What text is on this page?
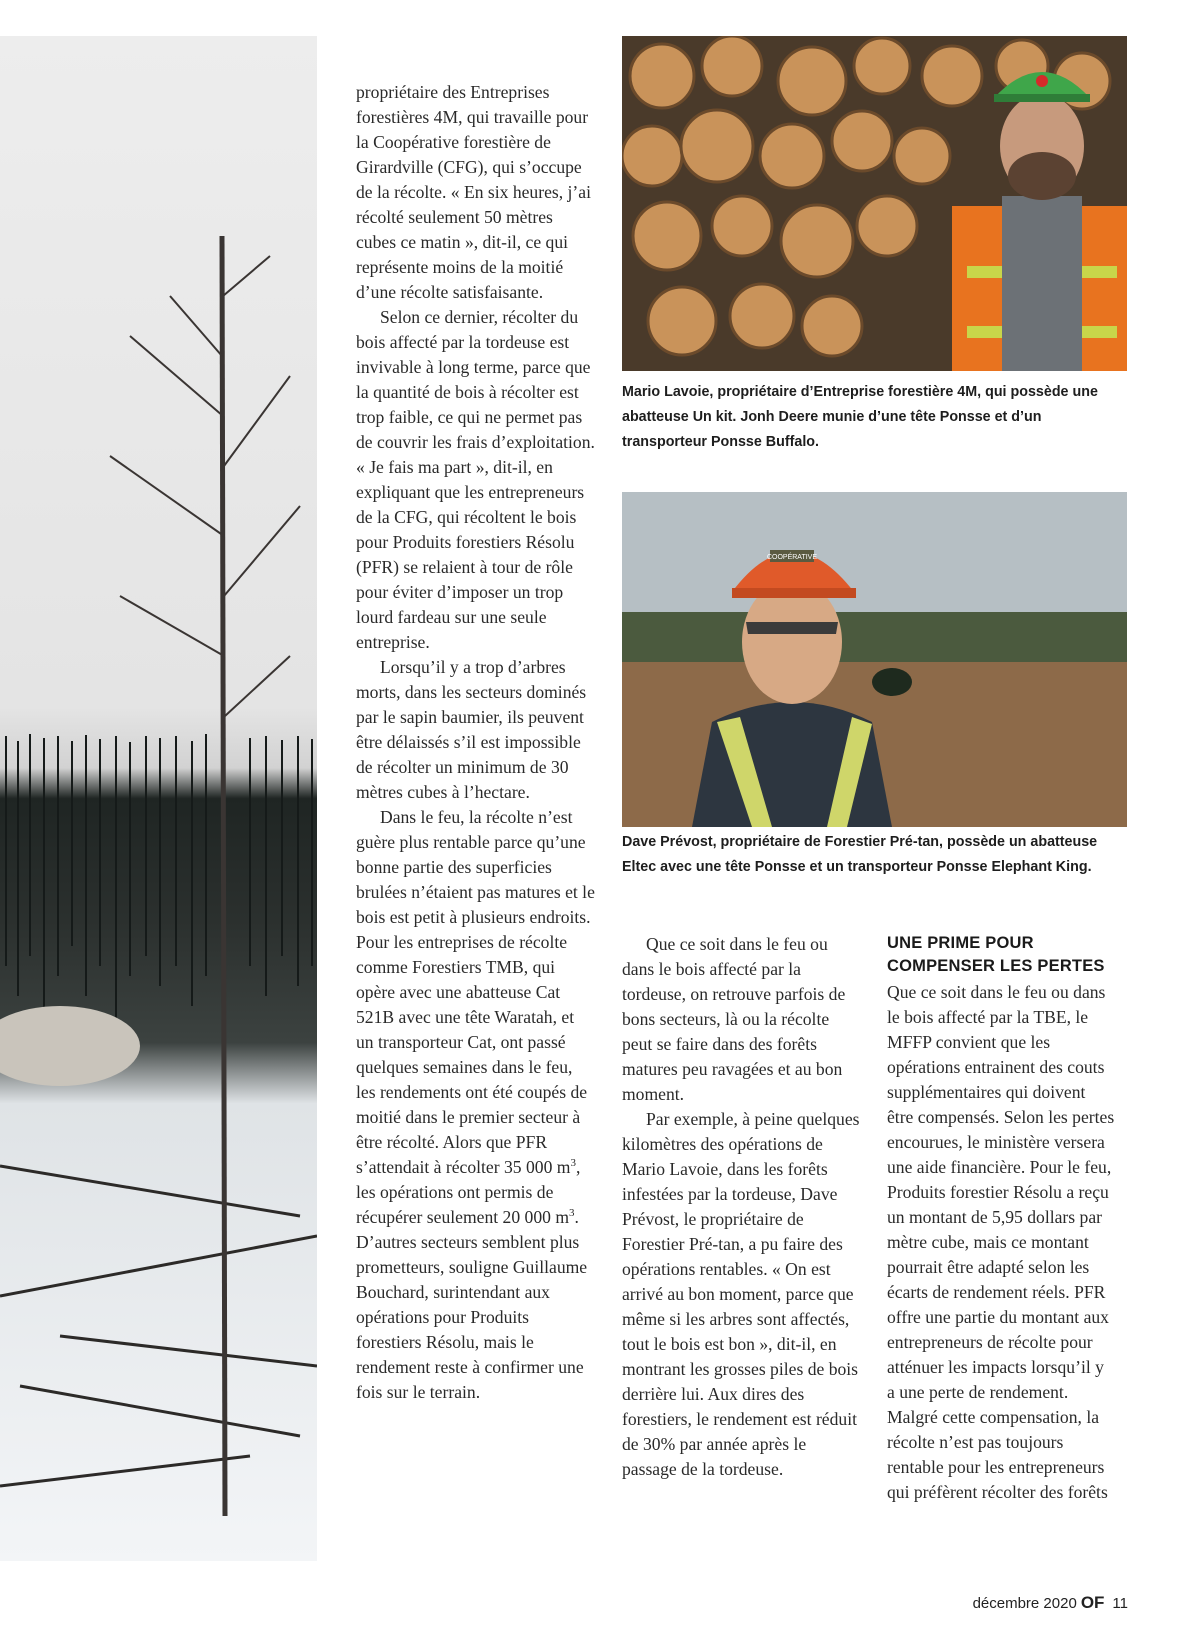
propriétaire des Entreprises forestières 4M, qui travaille pour la Coopérative forestière de Girardville (CFG), qui s’occupe de la récolte. « En six heures, j’ai récolté seulement 50 mètres cubes ce matin », dit-il, ce qui représente moins de la moitié d’une récolte satisfaisante.

Selon ce dernier, récolter du bois affecté par la tordeuse est invivable à long terme, parce que la quantité de bois à récolter est trop faible, ce qui ne permet pas de couvrir les frais d’exploitation. « Je fais ma part », dit-il, en expliquant que les entrepreneurs de la CFG, qui récoltent le bois pour Produits forestiers Résolu (PFR) se relaient à tour de rôle pour éviter d’imposer un trop lourd fardeau sur une seule entreprise.

Lorsqu’il y a trop d’arbres morts, dans les secteurs dominés par le sapin baumier, ils peuvent être délaissés s’il est impossible de récolter un minimum de 30 mètres cubes à l’hectare.

Dans le feu, la récolte n’est guère plus rentable parce qu’une bonne partie des superficies brulées n’étaient pas matures et le bois est petit à plusieurs endroits. Pour les entreprises de récolte comme Forestiers TMB, qui opère avec une abatteuse Cat 521B avec une tête Waratah, et un transporteur Cat, ont passé quelques semaines dans le feu, les rendements ont été coupés de moitié dans le premier secteur à être récolté. Alors que PFR s’attendait à récolter 35 000 $m^3$, les opérations ont permis de récupérer seulement 20 000 $m^3$. D’autres secteurs semblent plus prometteurs, souligne Guillaume Bouchard, surintendant aux opérations pour Produits forestiers Résolu, mais le rendement reste à confirmer une fois sur le terrain.

Mario Lavoie, propriétaire d’Entreprise forestière 4M, qui possède une abatteuse Un kit. Jonh Deere munie d’une tête Ponsse et d’un transporteur Ponsse Buffalo.
COOPÉRATIVE
Dave Prévost, propriétaire de Forestier Pré-tan, possède un abatteuse Eltec avec une tête Ponsse et un transporteur Ponsse Elephant King.

Que ce soit dans le feu ou dans le bois affecté par la tordeuse, on retrouve parfois de bons secteurs, là ou la récolte peut se faire dans des forêts matures peu ravagées et au bon moment.

Par exemple, à peine quelques kilomètres des opérations de Mario Lavoie, dans les forêts infestées par la tordeuse, Dave Prévost, le propriétaire de Forestier Pré-tan, a pu faire des opérations rentables. « On est arrivé au bon moment, parce que même si les arbres sont affectés, tout le bois est bon », dit-il, en montrant les grosses piles de bois derrière lui. Aux dires des forestiers, le rendement est réduit de 30% par année après le passage de la tordeuse.

UNE PRIME POUR COMPENSER LES PERTES

Que ce soit dans le feu ou dans le bois affecté par la TBE, le MFFP convient que les opérations entrainent des couts supplémentaires qui doivent être compensés. Selon les pertes encourues, le ministère versera une aide financière. Pour le feu, Produits forestier Résolu a reçu un montant de 5,95 dollars par mètre cube, mais ce montant pourrait être adapté selon les écarts de rendement réels. PFR offre une partie du montant aux entrepreneurs de récolte pour atténuer les impacts lorsqu’il y a une perte de rendement. Malgré cette compensation, la récolte n’est pas toujours rentable pour les entrepreneurs qui préfèrent récolter des forêts

décembre 2020 OF 11
